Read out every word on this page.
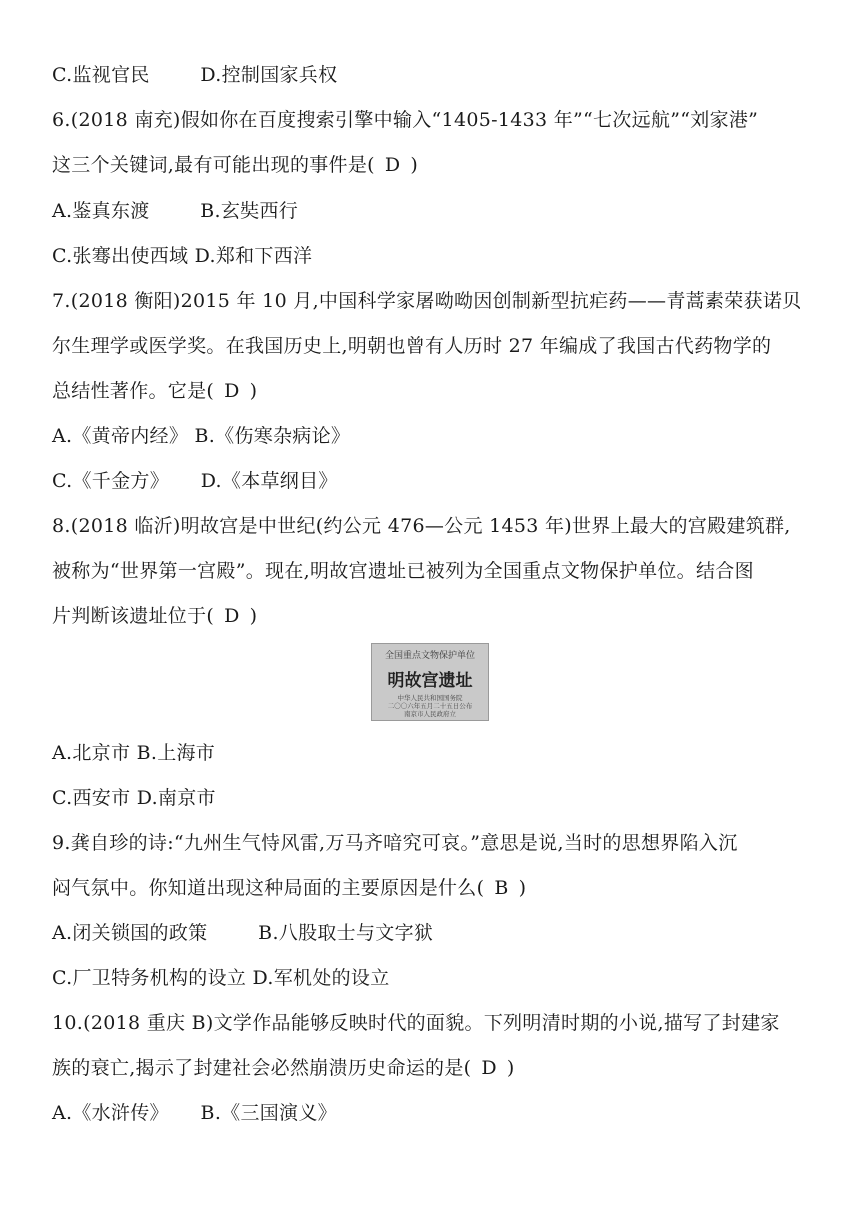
C.监视官民        D.控制国家兵权
6.(2018 南充)假如你在百度搜索引擎中输入“1405-1433 年”“七次远航”“刘家港”
这三个关键词,最有可能出现的事件是( D )
A.鉴真东渡        B.玄奘西行
C.张骞出使西域 D.郑和下西洋
7.(2018 衡阳)2015 年 10 月,中国科学家屠呦呦因创制新型抗疟药——青蒿素荣获诺贝
尔生理学或医学奖。在我国历史上,明朝也曾有人历时 27 年编成了我国古代药物学的
总结性著作。它是( D )
A.《黄帝内经》 B.《伤寒杂病论》
C.《千金方》     D.《本草纲目》
8.(2018 临沂)明故宫是中世纪(约公元 476—公元 1453 年)世界上最大的宫殿建筑群,
被称为“世界第一宫殿”。现在,明故宫遗址已被列为全国重点文物保护单位。结合图
片判断该遗址位于( D )
全国重点文物保护单位
明故宫遗址
中华人民共和国国务院
二〇〇六年五月二十五日公布
南京市人民政府立
A.北京市 B.上海市
C.西安市 D.南京市
9.龚自珍的诗:“九州生气恃风雷,万马齐喑究可哀。”意思是说,当时的思想界陷入沉
闷气氛中。你知道出现这种局面的主要原因是什么( B )
A.闭关锁国的政策        B.八股取士与文字狱
C.厂卫特务机构的设立 D.军机处的设立
10.(2018 重庆 B)文学作品能够反映时代的面貌。下列明清时期的小说,描写了封建家
族的衰亡,揭示了封建社会必然崩溃历史命运的是( D )
A.《水浒传》     B.《三国演义》
